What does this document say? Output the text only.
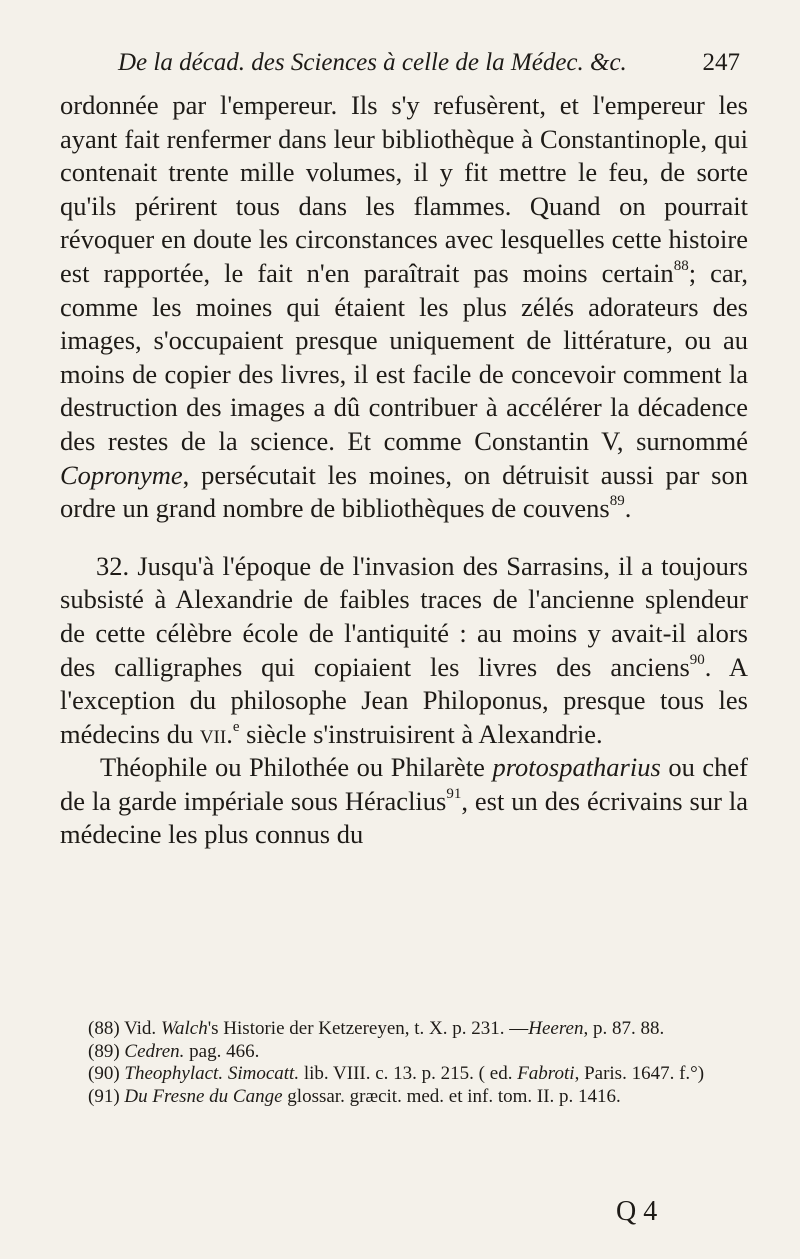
De la décad. des Sciences à celle de la Médec. &c.	247

ordonnée par l'empereur. Ils s'y refusèrent, et l'empereur les ayant fait renfermer dans leur bibliothèque à Constantinople, qui contenait trente mille volumes, il y fit mettre le feu, de sorte qu'ils périrent tous dans les flammes. Quand on pourrait révoquer en doute les circonstances avec lesquelles cette histoire est rapportée, le fait n'en paraîtrait pas moins certain$^{88}$; car, comme les moines qui étaient les plus zélés adorateurs des images, s'occupaient presque uniquement de littérature, ou au moins de copier des livres, il est facile de concevoir comment la destruction des images a dû contribuer à accélérer la décadence des restes de la science. Et comme Constantin V, surnommé Copronyme, persécutait les moines, on détruisit aussi par son ordre un grand nombre de bibliothèques de couvens$^{89}$.

32. Jusqu'à l'époque de l'invasion des Sarrasins, il a toujours subsisté à Alexandrie de faibles traces de l'ancienne splendeur de cette célèbre école de l'antiquité : au moins y avait-il alors des calligraphes qui copiaient les livres des anciens$^{90}$. A l'exception du philosophe Jean Philoponus, presque tous les médecins du vii.$^e$ siècle s'instruisirent à Alexandrie.

Théophile ou Philothée ou Philarète protospatharius ou chef de la garde impériale sous Héraclius$^{91}$, est un des écrivains sur la médecine les plus connus du

(88) Vid. Walch's Historie der Ketzereyen, t. X. p. 231. —Heeren, p. 87. 88.

(89) Cedren. pag. 466.

(90) Theophylact. Simocatt. lib. VIII. c. 13. p. 215. ( ed. Fabroti, Paris. 1647. f.°)

(91) Du Fresne du Cange glossar. græcit. med. et inf. tom. II. p. 1416.

Q 4
